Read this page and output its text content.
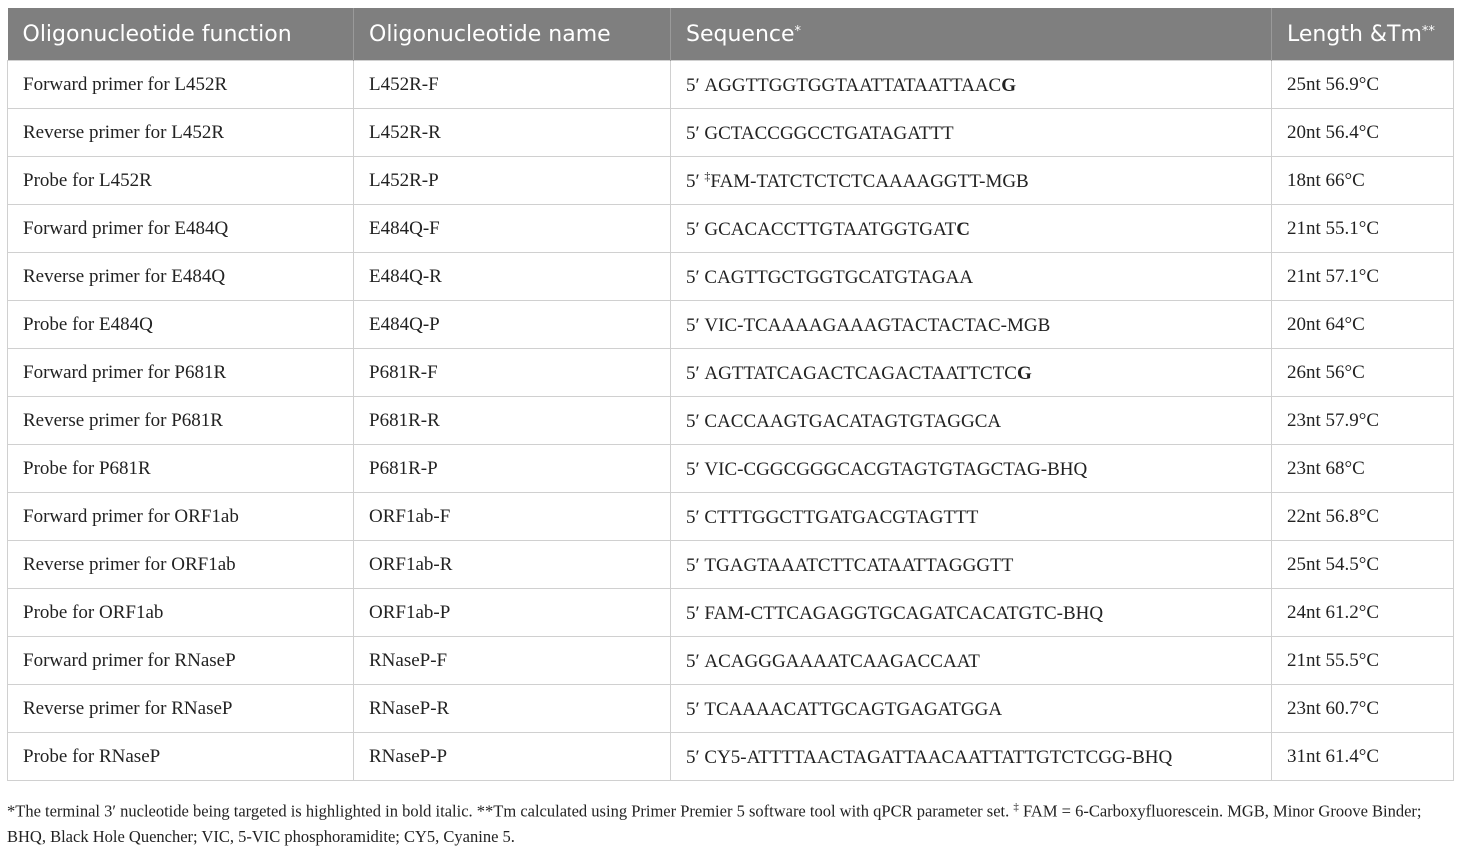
Oligonucleotide function	Oligonucleotide name	Sequence*	Length &Tm**
Forward primer for L452R	L452R-F	5′ AGGTTGGTGGTAATTATAATTAACG	25nt 56.9°C
Reverse primer for L452R	L452R-R	5′ GCTACCGGCCTGATAGATTT	20nt 56.4°C
Probe for L452R	L452R-P	5′ ‡FAM-TATCTCTCTCAAAAGGTT-MGB	18nt 66°C
Forward primer for E484Q	E484Q-F	5′ GCACACCTTGTAATGGTGATC	21nt 55.1°C
Reverse primer for E484Q	E484Q-R	5′ CAGTTGCTGGTGCATGTAGAA	21nt 57.1°C
Probe for E484Q	E484Q-P	5′ VIC-TCAAAAGAAAGTACTACTAC-MGB	20nt 64°C
Forward primer for P681R	P681R-F	5′ AGTTATCAGACTCAGACTAATTCTCG	26nt 56°C
Reverse primer for P681R	P681R-R	5′ CACCAAGTGACATAGTGTAGGCA	23nt 57.9°C
Probe for P681R	P681R-P	5′ VIC-CGGCGGGCACGTAGTGTAGCTAG-BHQ	23nt 68°C
Forward primer for ORF1ab	ORF1ab-F	5′ CTTTGGCTTGATGACGTAGTTT	22nt 56.8°C
Reverse primer for ORF1ab	ORF1ab-R	5′ TGAGTAAATCTTCATAATTAGGGTT	25nt 54.5°C
Probe for ORF1ab	ORF1ab-P	5′ FAM-CTTCAGAGGTGCAGATCACATGTC-BHQ	24nt 61.2°C
Forward primer for RNaseP	RNaseP-F	5′ ACAGGGAAAATCAAGACCAAT	21nt 55.5°C
Reverse primer for RNaseP	RNaseP-R	5′ TCAAAACATTGCAGTGAGATGGA	23nt 60.7°C
Probe for RNaseP	RNaseP-P	5′ CY5-ATTTTAACTAGATTAACAATTATTGTCTCGG-BHQ	31nt 61.4°C
*The terminal 3′ nucleotide being targeted is highlighted in bold italic. **Tm calculated using Primer Premier 5 software tool with qPCR parameter set. ‡ FAM = 6-Carboxyfluorescein. MGB, Minor Groove Binder; BHQ, Black Hole Quencher; VIC, 5-VIC phosphoramidite; CY5, Cyanine 5.
